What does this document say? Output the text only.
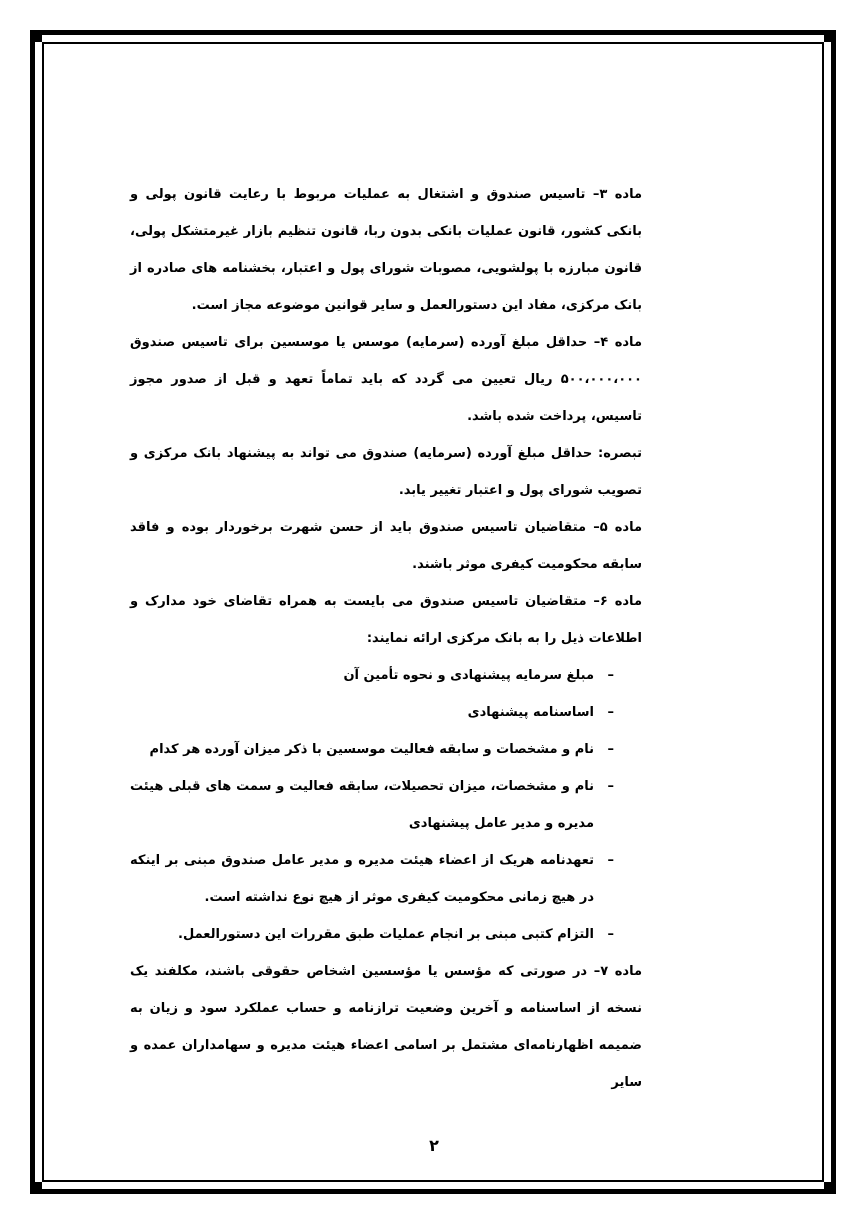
ماده ۳– تاسیس صندوق و اشتغال به عملیات مربوط با رعایت قانون پولی و بانکی کشور، قانون عملیات بانکی بدون ربا، قانون تنظیم بازار غیرمتشکل پولی، قانون مبارزه با پولشویی، مصوبات شورای پول و اعتبار، بخشنامه های صادره از بانک مرکزی، مفاد این دستورالعمل و سایر قوانین موضوعه مجاز است.

ماده ۴– حداقل مبلغ آورده (سرمایه) موسس یا موسسین برای تاسیس صندوق ۵۰۰،۰۰۰،۰۰۰ ریال تعیین می گردد که باید تماماً تعهد و قبل از صدور مجوز تاسیس، پرداخت شده باشد.

تبصره: حداقل مبلغ آورده (سرمایه) صندوق می تواند به پیشنهاد بانک مرکزی و تصویب شورای پول و اعتبار تغییر یابد.

ماده ۵– متقاضیان تاسیس صندوق باید از حسن شهرت برخوردار بوده و فاقد سابقه محکومیت کیفری موثر باشند.

ماده ۶– متقاضیان تاسیس صندوق می بایست به همراه تقاضای خود مدارک و اطلاعات ذیل را به بانک مرکزی ارائه نمایند:

–
مبلغ سرمایه پیشنهادی و نحوه تأمین آن
–
اساسنامه پیشنهادی
–
نام و مشخصات و سابقه فعالیت موسسین با ذکر میزان آورده هر کدام
–
نام و مشخصات، میزان تحصیلات، سابقه فعالیت و سمت های قبلی هیئت مدیره و مدیر عامل پیشنهادی
–
تعهدنامه هریک از اعضاء هیئت مدیره و مدیر عامل صندوق مبنی بر اینکه در هیچ زمانی محکومیت کیفری موثر از هیچ نوع نداشته است.
–
التزام کتبی مبنی بر انجام عملیات طبق مقررات این دستورالعمل.

ماده ۷– در صورتی که مؤسس یا مؤسسین اشخاص حقوقی باشند، مکلفند یک نسخه از اساسنامه و آخرین وضعیت ترازنامه و حساب عملکرد سود و زیان به ضمیمه اظهارنامه‌ای مشتمل بر اسامی اعضاء هیئت مدیره و سهامداران عمده و سایر

۲
